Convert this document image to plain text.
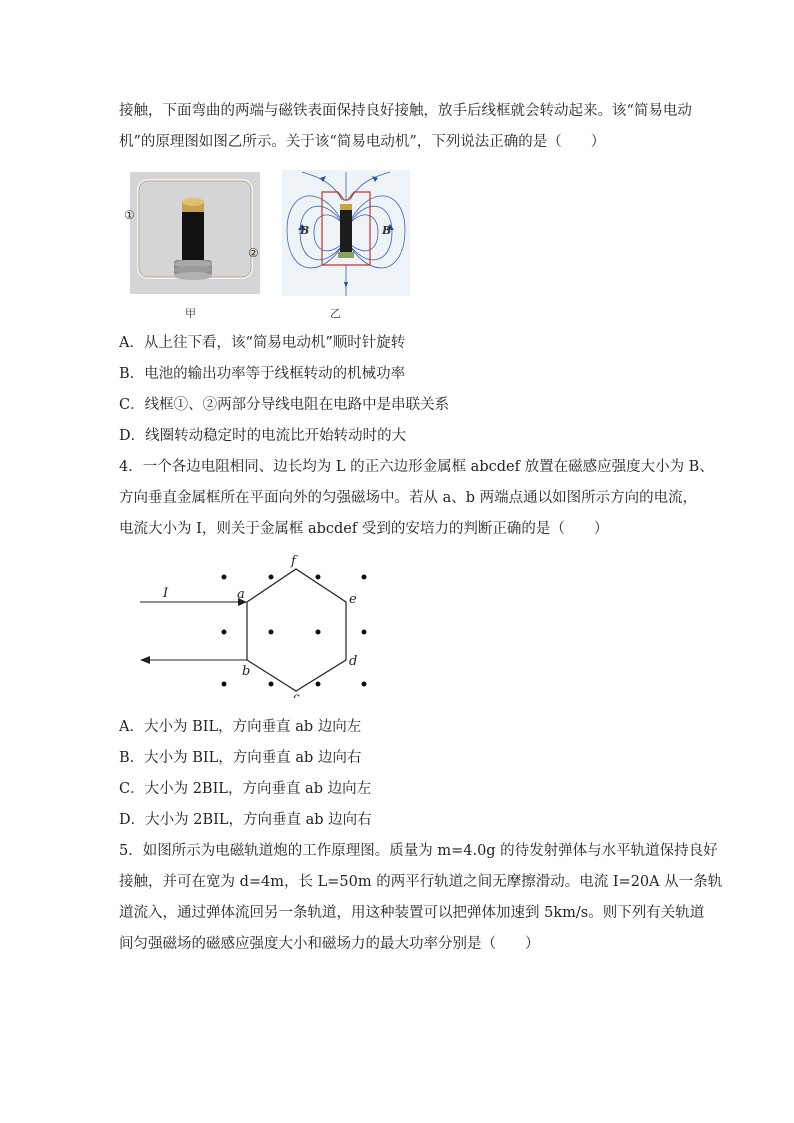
接触，下面弯曲的两端与磁铁表面保持良好接触，放手后线框就会转动起来。该“简易电动
机”的原理图如图乙所示。关于该“简易电动机”，下列说法正确的是（　　）
①
②
B	B
甲	乙
A．从上往下看，该“简易电动机”顺时针旋转
B．电池的输出功率等于线框转动的机械功率
C．线框①、②两部分导线电阻在电路中是串联关系
D．线圈转动稳定时的电流比开始转动时的大
4．一个各边电阻相同、边长均为 L 的正六边形金属框 abcdef 放置在磁感应强度大小为 B、
方向垂直金属框所在平面向外的匀强磁场中。若从 a、b 两端点通以如图所示方向的电流，
电流大小为 I，则关于金属框 abcdef 受到的安培力的判断正确的是（　　）
I	a
b
c
d
e
f
A．大小为 BIL，方向垂直 ab 边向左
B．大小为 BIL，方向垂直 ab 边向右
C．大小为 2BIL，方向垂直 ab 边向左
D．大小为 2BIL，方向垂直 ab 边向右
5．如图所示为电磁轨道炮的工作原理图。质量为 m=4.0g 的待发射弹体与水平轨道保持良好
接触，并可在宽为 d=4m，长 L=50m 的两平行轨道之间无摩擦滑动。电流 I=20A 从一条轨
道流入，通过弹体流回另一条轨道，用这种装置可以把弹体加速到 5km/s。则下列有关轨道
间匀强磁场的磁感应强度大小和磁场力的最大功率分别是（　　）
